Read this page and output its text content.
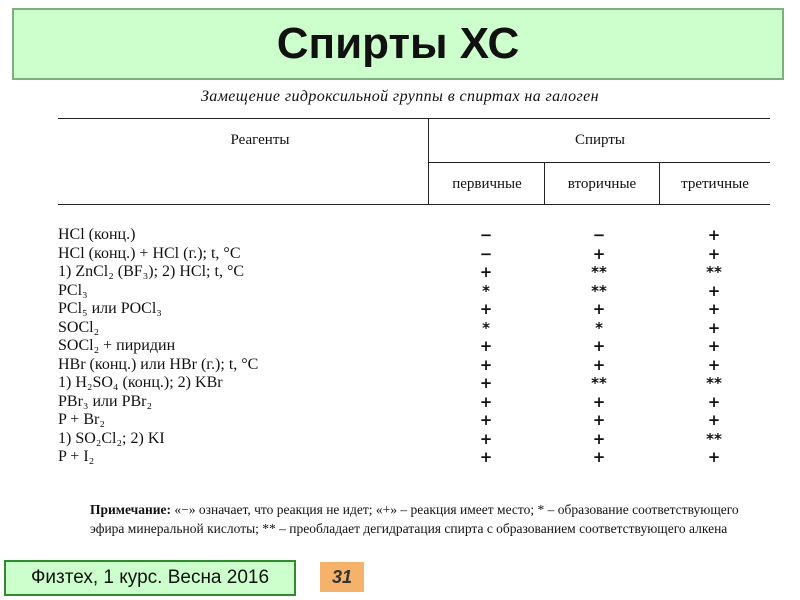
Спирты ХС
Замещение гидроксильной группы в спиртах на галоген
Реагенты	Спирты
первичные	вторичные	третичные
HCl (конц.)	−	−	+
HCl (конц.) + HCl (г.); t, °C	−	+	+
1) ZnCl₂ (BF₃); 2) HCl; t, °C	+	**	**
PCl₃	*	**	+
PCl₅ или POCl₃	+	+	+
SOCl₂	*	*	+
SOCl₂ + пиридин	+	+	+
HBr (конц.) или HBr (г.); t, °C	+	+	+
1) H₂SO₄ (конц.); 2) KBr	+	**	**
PBr₃ или PBr₂	+	+	+
P + Br₂	+	+	+
1) SO₂Cl₂; 2) KI	+	+	**
P + I₂	+	+	+
Примечание: «−» означает, что реакция не идет; «+» – реакция имеет место; * – образование соответствующего эфира минеральной кислоты; ** – преобладает дегидратация спирта с образованием соответствующего алкена
Физтех, 1 курс. Весна 2016	31
